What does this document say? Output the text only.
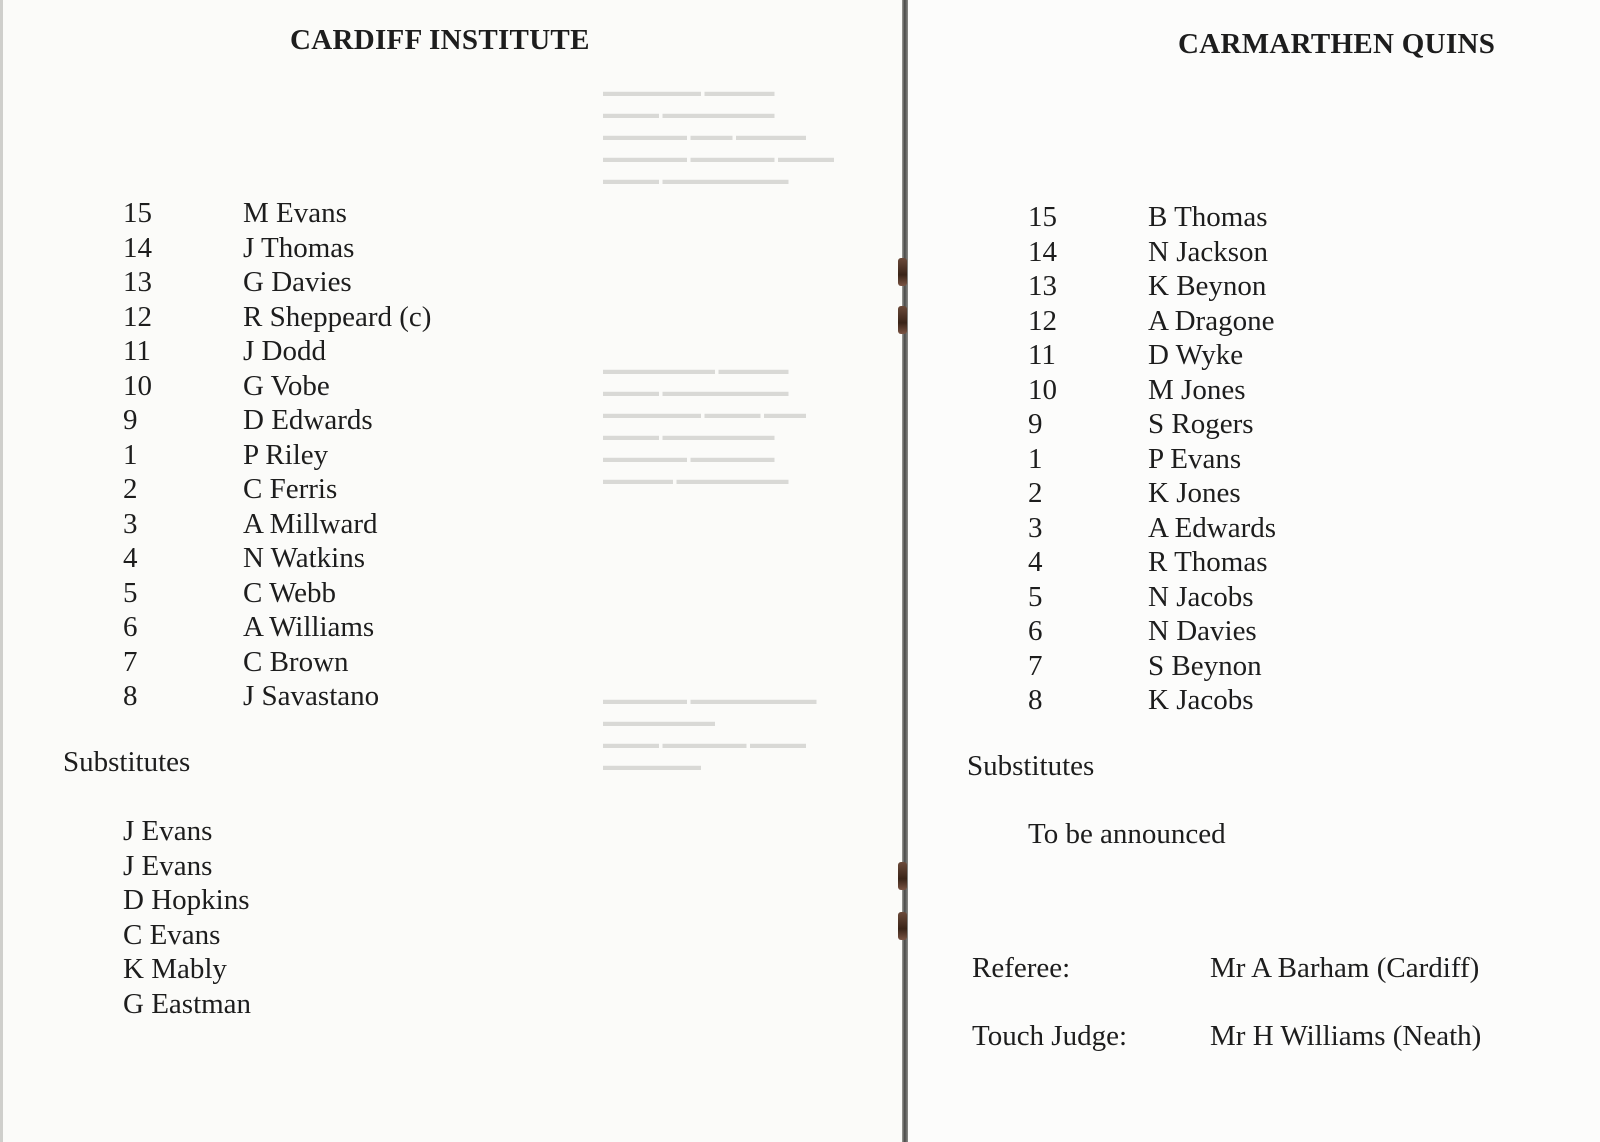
▬▬▬▬▬▬▬ ▬▬▬▬▬
▬▬▬▬ ▬▬▬▬▬▬▬▬
▬▬▬▬▬▬ ▬▬▬ ▬▬▬▬▬
▬▬▬▬▬▬ ▬▬▬▬▬▬ ▬▬▬▬
▬▬▬▬ ▬▬▬▬▬▬▬▬▬
▬▬▬▬▬▬▬▬ ▬▬▬▬▬
▬▬▬▬ ▬▬▬▬▬▬▬▬▬
▬▬▬▬▬▬▬ ▬▬▬▬ ▬▬▬
▬▬▬▬ ▬▬▬▬▬▬▬▬
▬▬▬▬▬▬ ▬▬▬▬▬▬
▬▬▬▬▬ ▬▬▬▬▬▬▬▬
▬▬▬▬▬▬ ▬▬▬▬▬▬▬▬▬
▬▬▬▬▬▬▬▬
▬▬▬▬ ▬▬▬▬▬▬ ▬▬▬▬
▬▬▬▬▬▬▬
CARDIFF INSTITUTE
15	M Evans
14	J Thomas
13	G Davies
12	R Sheppeard (c)
11	J Dodd
10	G Vobe
9	D Edwards
1	P Riley
2	C Ferris
3	A Millward
4	N Watkins
5	C Webb
6	A Williams
7	C Brown
8	J Savastano
Substitutes
J Evans
J Evans
D Hopkins
C Evans
K Mably
G Eastman
CARMARTHEN QUINS
15	B Thomas
14	N Jackson
13	K Beynon
12	A Dragone
11	D Wyke
10	M Jones
9	S Rogers
1	P Evans
2	K Jones
3	A Edwards
4	R Thomas
5	N Jacobs
6	N Davies
7	S Beynon
8	K Jacobs
Substitutes
To be announced
Referee:	Mr A Barham (Cardiff)
Touch Judge:	Mr H Williams (Neath)
